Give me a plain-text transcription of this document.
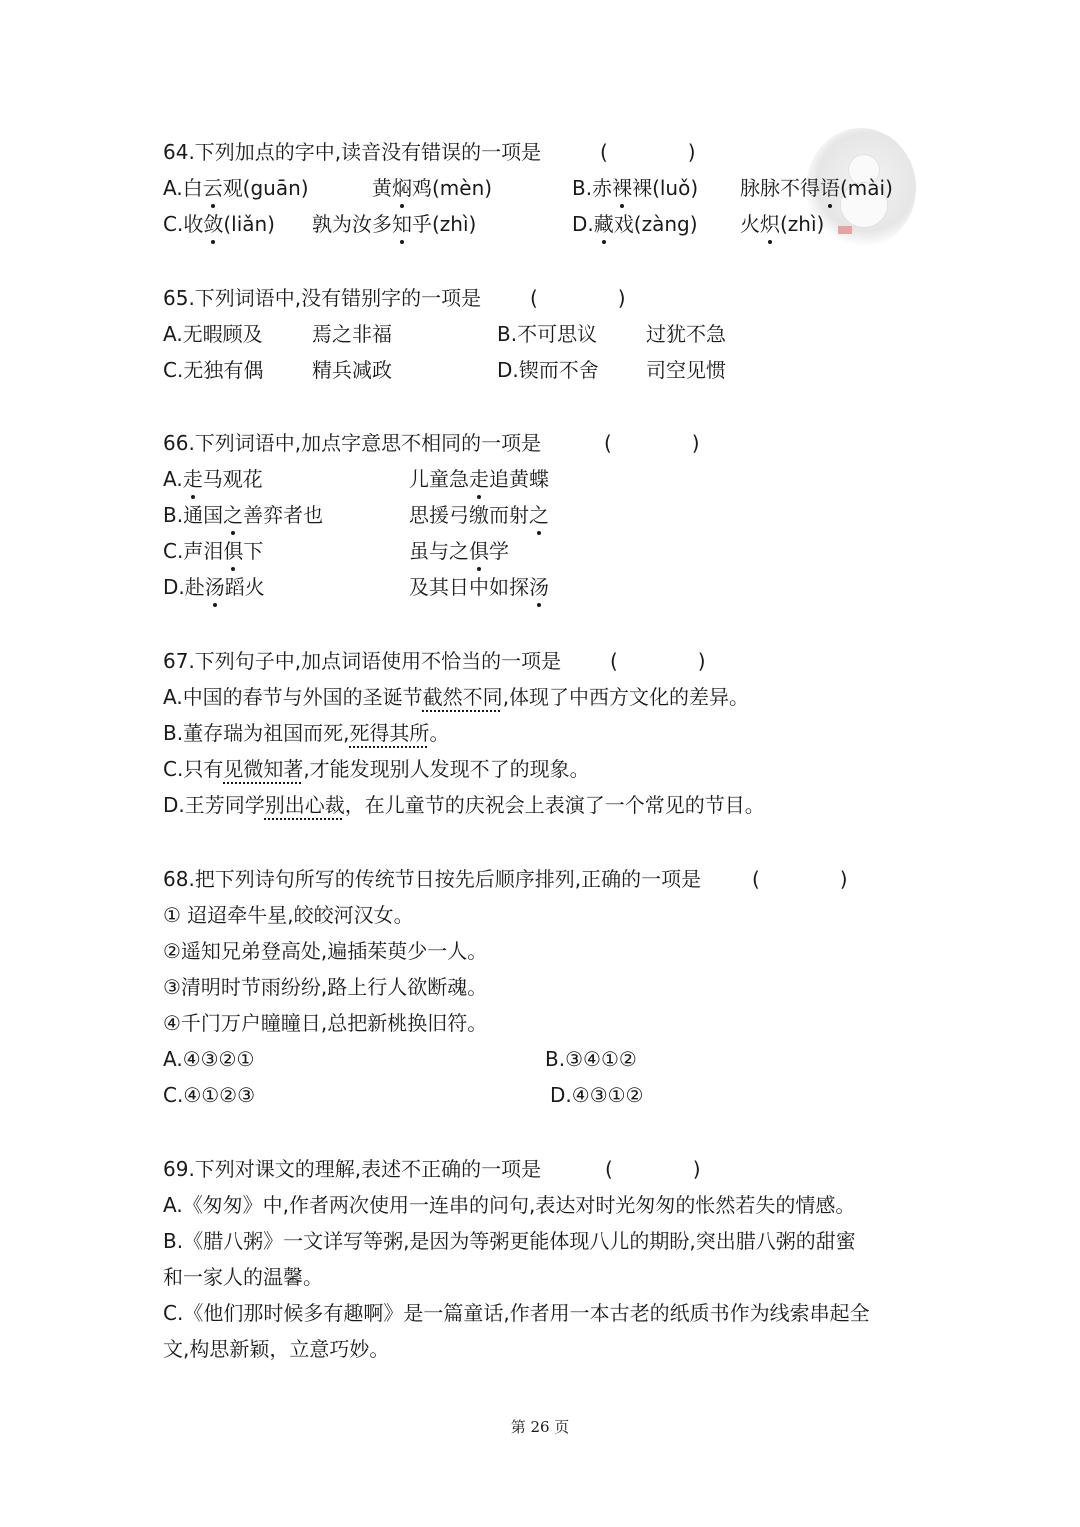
64.下列加点的字中,读音没有错误的一项是	(　　　　)
A.白云观(guān)	黄焖鸡(mèn)	B.赤裸裸(luǒ) 脉脉不得语(mài)
C.收敛(liǎn) 孰为汝多知乎(zhì)	D.藏戏(zàng) 火炽(zhì)
65.下列词语中,没有错别字的一项是 (　　　　)
A.无暇顾及 焉之非福	B.不可思议 过犹不急
C.无独有偶 精兵减政	D.锲而不舍 司空见惯
66.下列词语中,加点字意思不相同的一项是	(　　　　)
A.走马观花	儿童急走追黄蝶
B.通国之善弈者也	思援弓缴而射之
C.声泪俱下	虽与之俱学
D.赴汤蹈火	及其日中如探汤
67.下列句子中,加点词语使用不恰当的一项是 (　　　　)
A.中国的春节与外国的圣诞节截然不同,体现了中西方文化的差异。
B.董存瑞为祖国而死,死得其所。
C.只有见微知著,才能发现别人发现不了的现象。
D.王芳同学别出心裁，在儿童节的庆祝会上表演了一个常见的节目。
68.把下列诗句所写的传统节日按先后顺序排列,正确的一项是	(　　　　)
① 迢迢牵牛星,皎皎河汉女。
②遥知兄弟登高处,遍插茱萸少一人。
③清明时节雨纷纷,路上行人欲断魂。
④千门万户瞳瞳日,总把新桃换旧符。
A.④③②①	B.③④①②
C.④①②③	D.④③①②
69.下列对课文的理解,表述不正确的一项是	(　　　　)
A.《匆匆》中,作者两次使用一连串的问句,表达对时光匆匆的怅然若失的情感。
B.《腊八粥》一文详写等粥,是因为等粥更能体现八儿的期盼,突出腊八粥的甜蜜
和一家人的温馨。
C.《他们那时候多有趣啊》是一篇童话,作者用一本古老的纸质书作为线索串起全
文,构思新颖，立意巧妙。
第 26 页
